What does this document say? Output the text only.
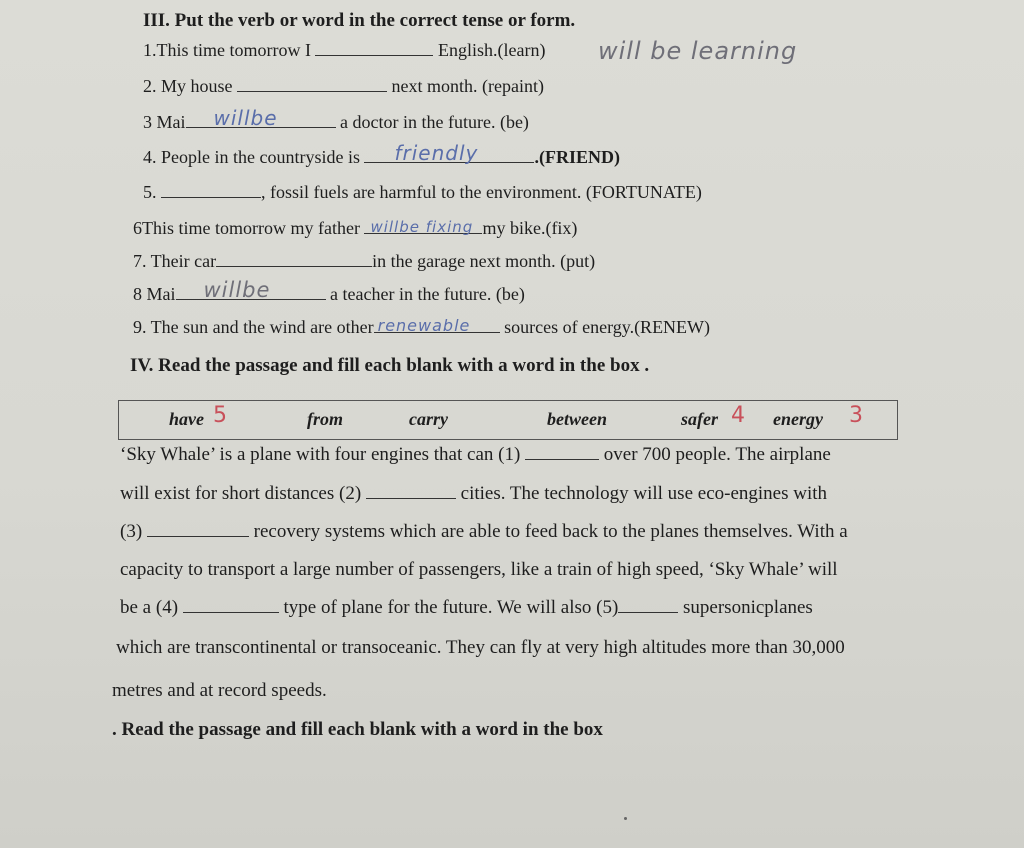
III. Put the verb or word in the correct tense or form.
1.This time tomorrow I	English.(learn) will be learning
2. My house	next month. (repaint)
3 Mai willbe	a doctor in the future. (be)
4. People in the countryside is friendly	.(FRIEND)
5.	, fossil fuels are harmful to the environment. (FORTUNATE)
6This time tomorrow my father willbe fixing my bike.(fix)
7. Their car	in the garage next month. (put)
8 Mai willbe	a teacher in the future. (be)
9. The sun and the wind are other renewable sources of energy.(RENEW)
IV. Read the passage and fill each blank with a word in the box .
have 5	from	carry	between	safer 4 energy 3
‘Sky Whale’ is a plane with four engines that can (1)	over 700 people. The airplane
will exist for short distances (2)	cities. The technology will use eco-engines with
(3)	recovery systems which are able to feed back to the planes themselves. With a
capacity to transport a large number of passengers, like a train of high speed, ‘Sky Whale’ will
be a (4)	type of plane for the future. We will also (5)	supersonicplanes
which are transcontinental or transoceanic. They can fly at very high altitudes more than 30,000
metres and at record speeds.
. Read the passage and fill each blank with a word in the box
